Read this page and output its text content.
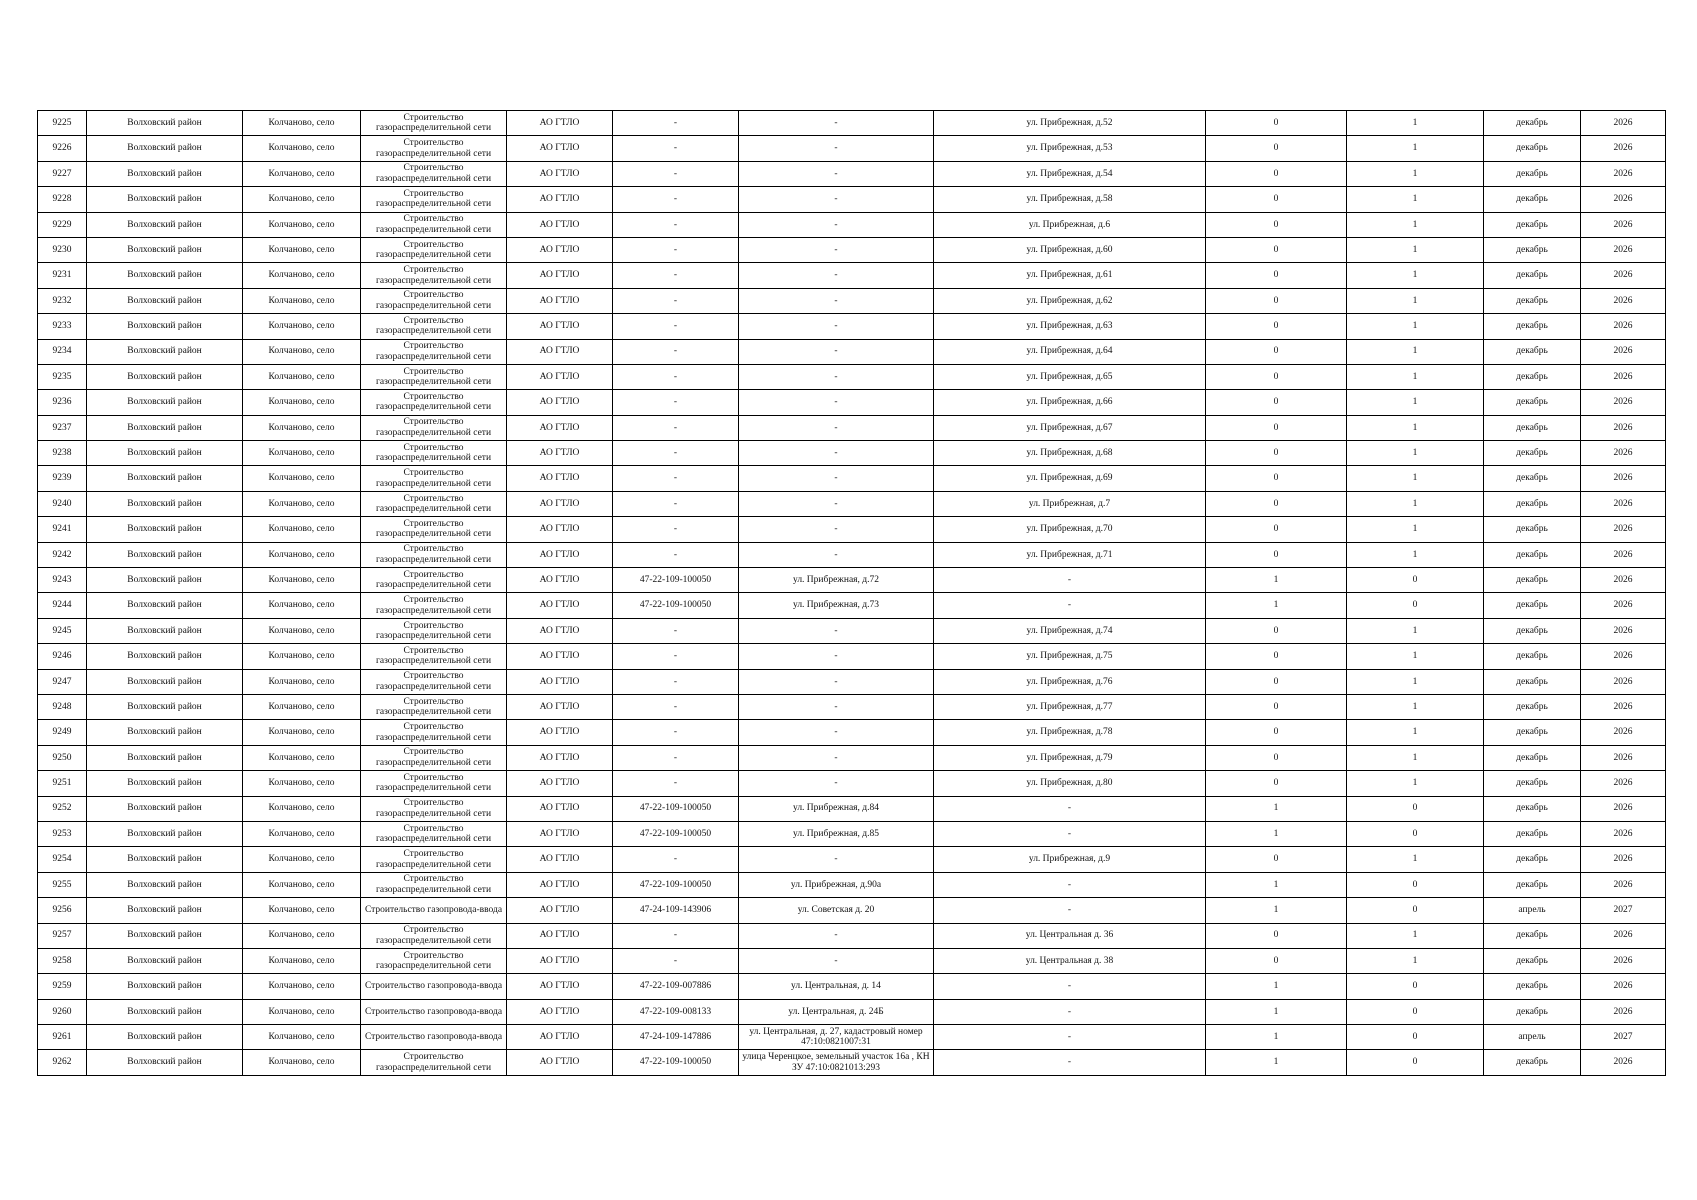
9225	Волховский район	Колчаново, село	Строительство газораспределительной сети	АО ГТЛО	-	-	ул. Прибрежная, д.52	0	1	декабрь	2026
9226	Волховский район	Колчаново, село	Строительство газораспределительной сети	АО ГТЛО	-	-	ул. Прибрежная, д.53	0	1	декабрь	2026
9227	Волховский район	Колчаново, село	Строительство газораспределительной сети	АО ГТЛО	-	-	ул. Прибрежная, д.54	0	1	декабрь	2026
9228	Волховский район	Колчаново, село	Строительство газораспределительной сети	АО ГТЛО	-	-	ул. Прибрежная, д.58	0	1	декабрь	2026
9229	Волховский район	Колчаново, село	Строительство газораспределительной сети	АО ГТЛО	-	-	ул. Прибрежная, д.6	0	1	декабрь	2026
9230	Волховский район	Колчаново, село	Строительство газораспределительной сети	АО ГТЛО	-	-	ул. Прибрежная, д.60	0	1	декабрь	2026
9231	Волховский район	Колчаново, село	Строительство газораспределительной сети	АО ГТЛО	-	-	ул. Прибрежная, д.61	0	1	декабрь	2026
9232	Волховский район	Колчаново, село	Строительство газораспределительной сети	АО ГТЛО	-	-	ул. Прибрежная, д.62	0	1	декабрь	2026
9233	Волховский район	Колчаново, село	Строительство газораспределительной сети	АО ГТЛО	-	-	ул. Прибрежная, д.63	0	1	декабрь	2026
9234	Волховский район	Колчаново, село	Строительство газораспределительной сети	АО ГТЛО	-	-	ул. Прибрежная, д.64	0	1	декабрь	2026
9235	Волховский район	Колчаново, село	Строительство газораспределительной сети	АО ГТЛО	-	-	ул. Прибрежная, д.65	0	1	декабрь	2026
9236	Волховский район	Колчаново, село	Строительство газораспределительной сети	АО ГТЛО	-	-	ул. Прибрежная, д.66	0	1	декабрь	2026
9237	Волховский район	Колчаново, село	Строительство газораспределительной сети	АО ГТЛО	-	-	ул. Прибрежная, д.67	0	1	декабрь	2026
9238	Волховский район	Колчаново, село	Строительство газораспределительной сети	АО ГТЛО	-	-	ул. Прибрежная, д.68	0	1	декабрь	2026
9239	Волховский район	Колчаново, село	Строительство газораспределительной сети	АО ГТЛО	-	-	ул. Прибрежная, д.69	0	1	декабрь	2026
9240	Волховский район	Колчаново, село	Строительство газораспределительной сети	АО ГТЛО	-	-	ул. Прибрежная, д.7	0	1	декабрь	2026
9241	Волховский район	Колчаново, село	Строительство газораспределительной сети	АО ГТЛО	-	-	ул. Прибрежная, д.70	0	1	декабрь	2026
9242	Волховский район	Колчаново, село	Строительство газораспределительной сети	АО ГТЛО	-	-	ул. Прибрежная, д.71	0	1	декабрь	2026
9243	Волховский район	Колчаново, село	Строительство газораспределительной сети	АО ГТЛО	47-22-109-100050	ул. Прибрежная, д.72	-	1	0	декабрь	2026
9244	Волховский район	Колчаново, село	Строительство газораспределительной сети	АО ГТЛО	47-22-109-100050	ул. Прибрежная, д.73	-	1	0	декабрь	2026
9245	Волховский район	Колчаново, село	Строительство газораспределительной сети	АО ГТЛО	-	-	ул. Прибрежная, д.74	0	1	декабрь	2026
9246	Волховский район	Колчаново, село	Строительство газораспределительной сети	АО ГТЛО	-	-	ул. Прибрежная, д.75	0	1	декабрь	2026
9247	Волховский район	Колчаново, село	Строительство газораспределительной сети	АО ГТЛО	-	-	ул. Прибрежная, д.76	0	1	декабрь	2026
9248	Волховский район	Колчаново, село	Строительство газораспределительной сети	АО ГТЛО	-	-	ул. Прибрежная, д.77	0	1	декабрь	2026
9249	Волховский район	Колчаново, село	Строительство газораспределительной сети	АО ГТЛО	-	-	ул. Прибрежная, д.78	0	1	декабрь	2026
9250	Волховский район	Колчаново, село	Строительство газораспределительной сети	АО ГТЛО	-	-	ул. Прибрежная, д.79	0	1	декабрь	2026
9251	Волховский район	Колчаново, село	Строительство газораспределительной сети	АО ГТЛО	-	-	ул. Прибрежная, д.80	0	1	декабрь	2026
9252	Волховский район	Колчаново, село	Строительство газораспределительной сети	АО ГТЛО	47-22-109-100050	ул. Прибрежная, д.84	-	1	0	декабрь	2026
9253	Волховский район	Колчаново, село	Строительство газораспределительной сети	АО ГТЛО	47-22-109-100050	ул. Прибрежная, д.85	-	1	0	декабрь	2026
9254	Волховский район	Колчаново, село	Строительство газораспределительной сети	АО ГТЛО	-	-	ул. Прибрежная, д.9	0	1	декабрь	2026
9255	Волховский район	Колчаново, село	Строительство газораспределительной сети	АО ГТЛО	47-22-109-100050	ул. Прибрежная, д.90а	-	1	0	декабрь	2026
9256	Волховский район	Колчаново, село	Строительство газопровода-ввода	АО ГТЛО	47-24-109-143906	ул. Советская д. 20	-	1	0	апрель	2027
9257	Волховский район	Колчаново, село	Строительство газораспределительной сети	АО ГТЛО	-	-	ул. Центральная д. 36	0	1	декабрь	2026
9258	Волховский район	Колчаново, село	Строительство газораспределительной сети	АО ГТЛО	-	-	ул. Центральная д. 38	0	1	декабрь	2026
9259	Волховский район	Колчаново, село	Строительство газопровода-ввода	АО ГТЛО	47-22-109-007886	ул. Центральная, д. 14	-	1	0	декабрь	2026
9260	Волховский район	Колчаново, село	Строительство газопровода-ввода	АО ГТЛО	47-22-109-008133	ул. Центральная, д. 24Б	-	1	0	декабрь	2026
9261	Волховский район	Колчаново, село	Строительство газопровода-ввода	АО ГТЛО	47-24-109-147886	ул. Центральная, д. 27, кадастровый номер 47:10:0821007:31	-	1	0	апрель	2027
9262	Волховский район	Колчаново, село	Строительство газораспределительной сети	АО ГТЛО	47-22-109-100050	улица Черенцкое, земельный участок 16а , КН ЗУ 47:10:0821013:293	-	1	0	декабрь	2026
